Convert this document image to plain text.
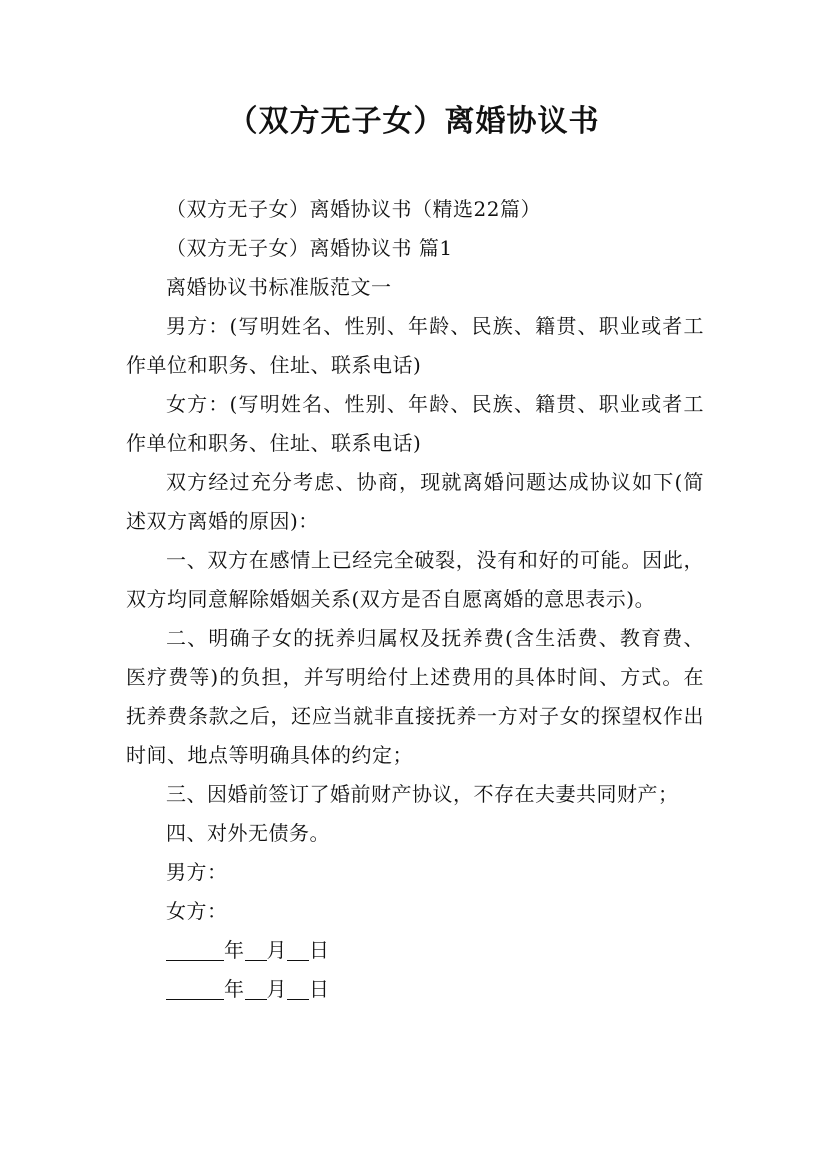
（双方无子女）离婚协议书

（双方无子女）离婚协议书（精选22篇）

（双方无子女）离婚协议书 篇1

离婚协议书标准版范文一

男方：(写明姓名、性别、年龄、民族、籍贯、职业或者工作单位和职务、住址、联系电话)

女方：(写明姓名、性别、年龄、民族、籍贯、职业或者工作单位和职务、住址、联系电话)

双方经过充分考虑、协商，现就离婚问题达成协议如下(简述双方离婚的原因)：

一、双方在感情上已经完全破裂，没有和好的可能。因此，双方均同意解除婚姻关系(双方是否自愿离婚的意思表示)。

二、明确子女的抚养归属权及抚养费(含生活费、教育费、医疗费等)的负担，并写明给付上述费用的具体时间、方式。在抚养费条款之后，还应当就非直接抚养一方对子女的探望权作出时间、地点等明确具体的约定；

三、因婚前签订了婚前财产协议，不存在夫妻共同财产；

四、对外无债务。

男方：

女方：

年 月 日

年 月 日
